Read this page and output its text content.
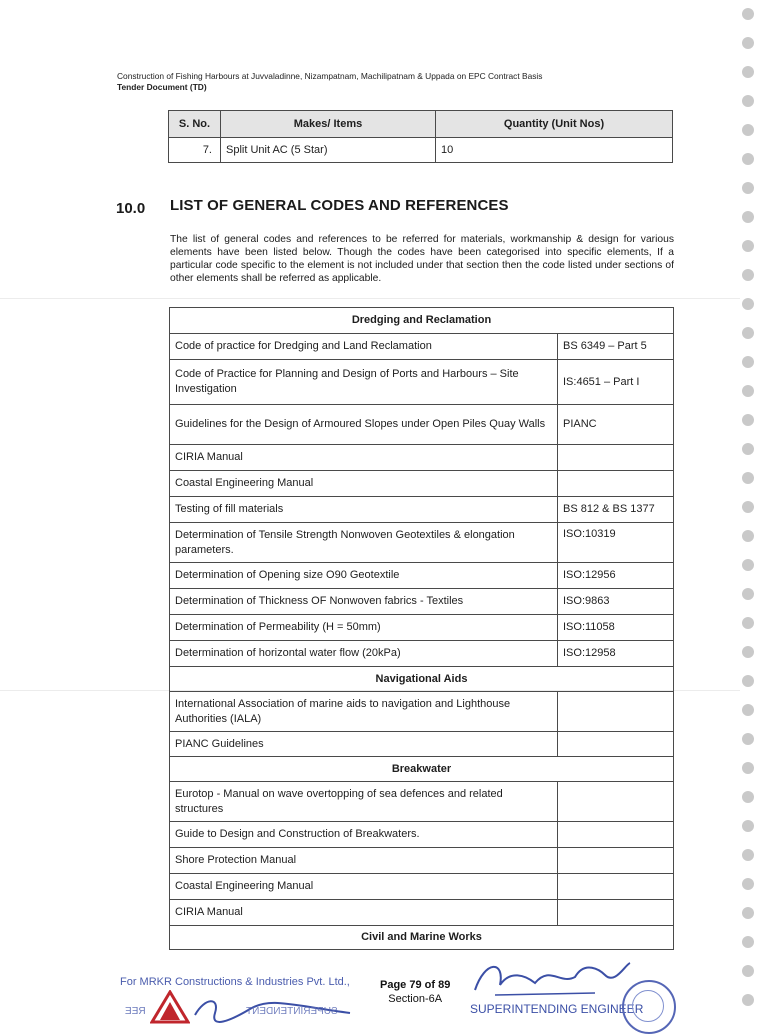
Construction of Fishing Harbours at Juvvaladinne, Nizampatnam, Machilipatnam & Uppada on EPC Contract Basis
Tender Document (TD)
S. No.	Makes/ Items	Quantity (Unit Nos)
7.	Split Unit AC (5 Star)	10
10.0 LIST OF GENERAL CODES AND REFERENCES
The list of general codes and references to be referred for materials, workmanship & design for various elements have been listed below. Though the codes have been categorised into specific elements, If a particular code specific to the element is not included under that section then the code listed under sections of other elements shall be referred as applicable.
Dredging and Reclamation	
Code of practice for Dredging and Land Reclamation	BS 6349 – Part 5
Code of Practice for Planning and Design of Ports and Harbours – Site Investigation	IS:4651 – Part I
Guidelines for the Design of Armoured Slopes under Open Piles Quay Walls	PIANC
CIRIA Manual	
Coastal Engineering Manual	
Testing of fill materials	BS 812 & BS 1377
Determination of Tensile Strength Nonwoven Geotextiles & elongation parameters.	ISO:10319
Determination of Opening size O90 Geotextile	ISO:12956
Determination of Thickness OF Nonwoven fabrics - Textiles	ISO:9863
Determination of Permeability (H = 50mm)	ISO:11058
Determination of horizontal water flow (20kPa)	ISO:12958
Navigational Aids	
International Association of marine aids to navigation and Lighthouse Authorities (IALA)	
PIANC Guidelines	
Breakwater	
Eurotop - Manual on wave overtopping of sea defences and related structures	
Guide to Design and Construction of Breakwaters.	
Shore Protection Manual	
Coastal Engineering Manual	
CIRIA Manual	
Civil and Marine Works	
For MRKR Constructions & Industries Pvt. Ltd.,	Page 79 of 89
Section-6A
SUPERINTENDING ENGINEER
REE	SUPERINTENDENT
